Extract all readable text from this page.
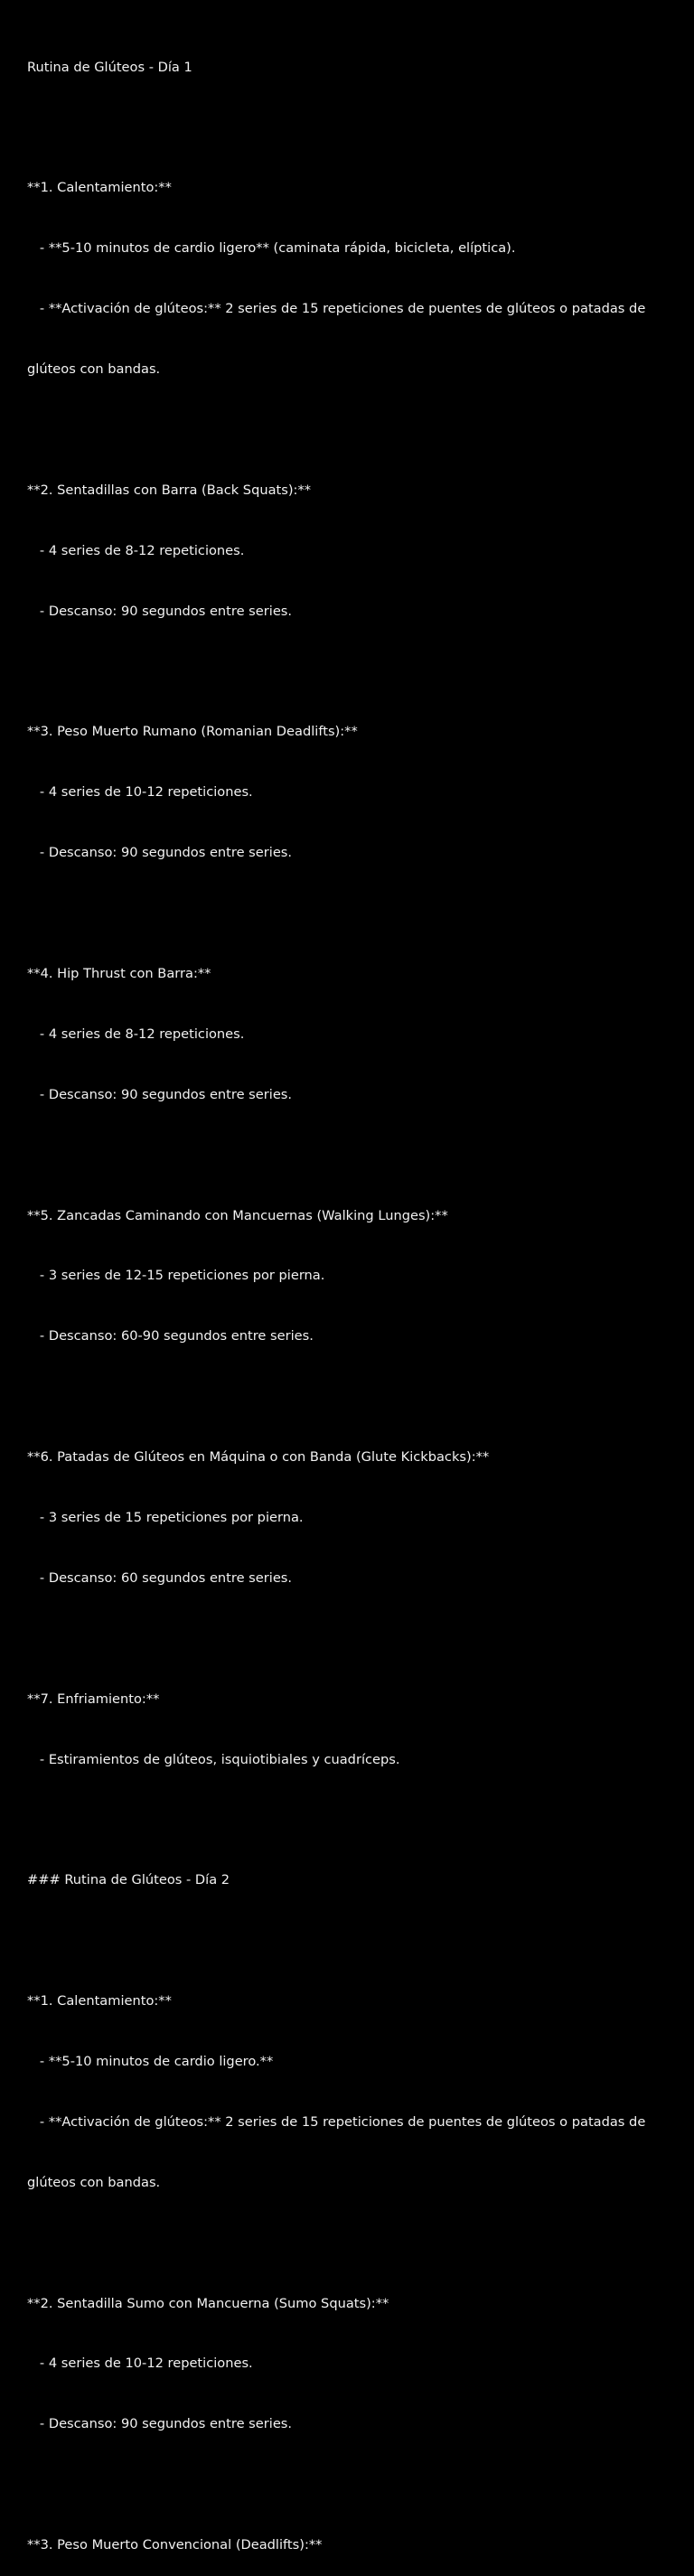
Rutina de Glúteos - Día 1

**1. Calentamiento:**

- **5-10 minutos de cardio ligero** (caminata rápida, bicicleta, elíptica).

- **Activación de glúteos:** 2 series de 15 repeticiones de puentes de glúteos o patadas de

glúteos con bandas.

**2. Sentadillas con Barra (Back Squats):**

- 4 series de 8-12 repeticiones.

- Descanso: 90 segundos entre series.

**3. Peso Muerto Rumano (Romanian Deadlifts):**

- 4 series de 10-12 repeticiones.

- Descanso: 90 segundos entre series.

**4. Hip Thrust con Barra:**

- 4 series de 8-12 repeticiones.

- Descanso: 90 segundos entre series.

**5. Zancadas Caminando con Mancuernas (Walking Lunges):**

- 3 series de 12-15 repeticiones por pierna.

- Descanso: 60-90 segundos entre series.

**6. Patadas de Glúteos en Máquina o con Banda (Glute Kickbacks):**

- 3 series de 15 repeticiones por pierna.

- Descanso: 60 segundos entre series.

**7. Enfriamiento:**

- Estiramientos de glúteos, isquiotibiales y cuadríceps.

### Rutina de Glúteos - Día 2

**1. Calentamiento:**

- **5-10 minutos de cardio ligero.**

- **Activación de glúteos:** 2 series de 15 repeticiones de puentes de glúteos o patadas de

glúteos con bandas.

**2. Sentadilla Sumo con Mancuerna (Sumo Squats):**

- 4 series de 10-12 repeticiones.

- Descanso: 90 segundos entre series.

**3. Peso Muerto Convencional (Deadlifts):**
